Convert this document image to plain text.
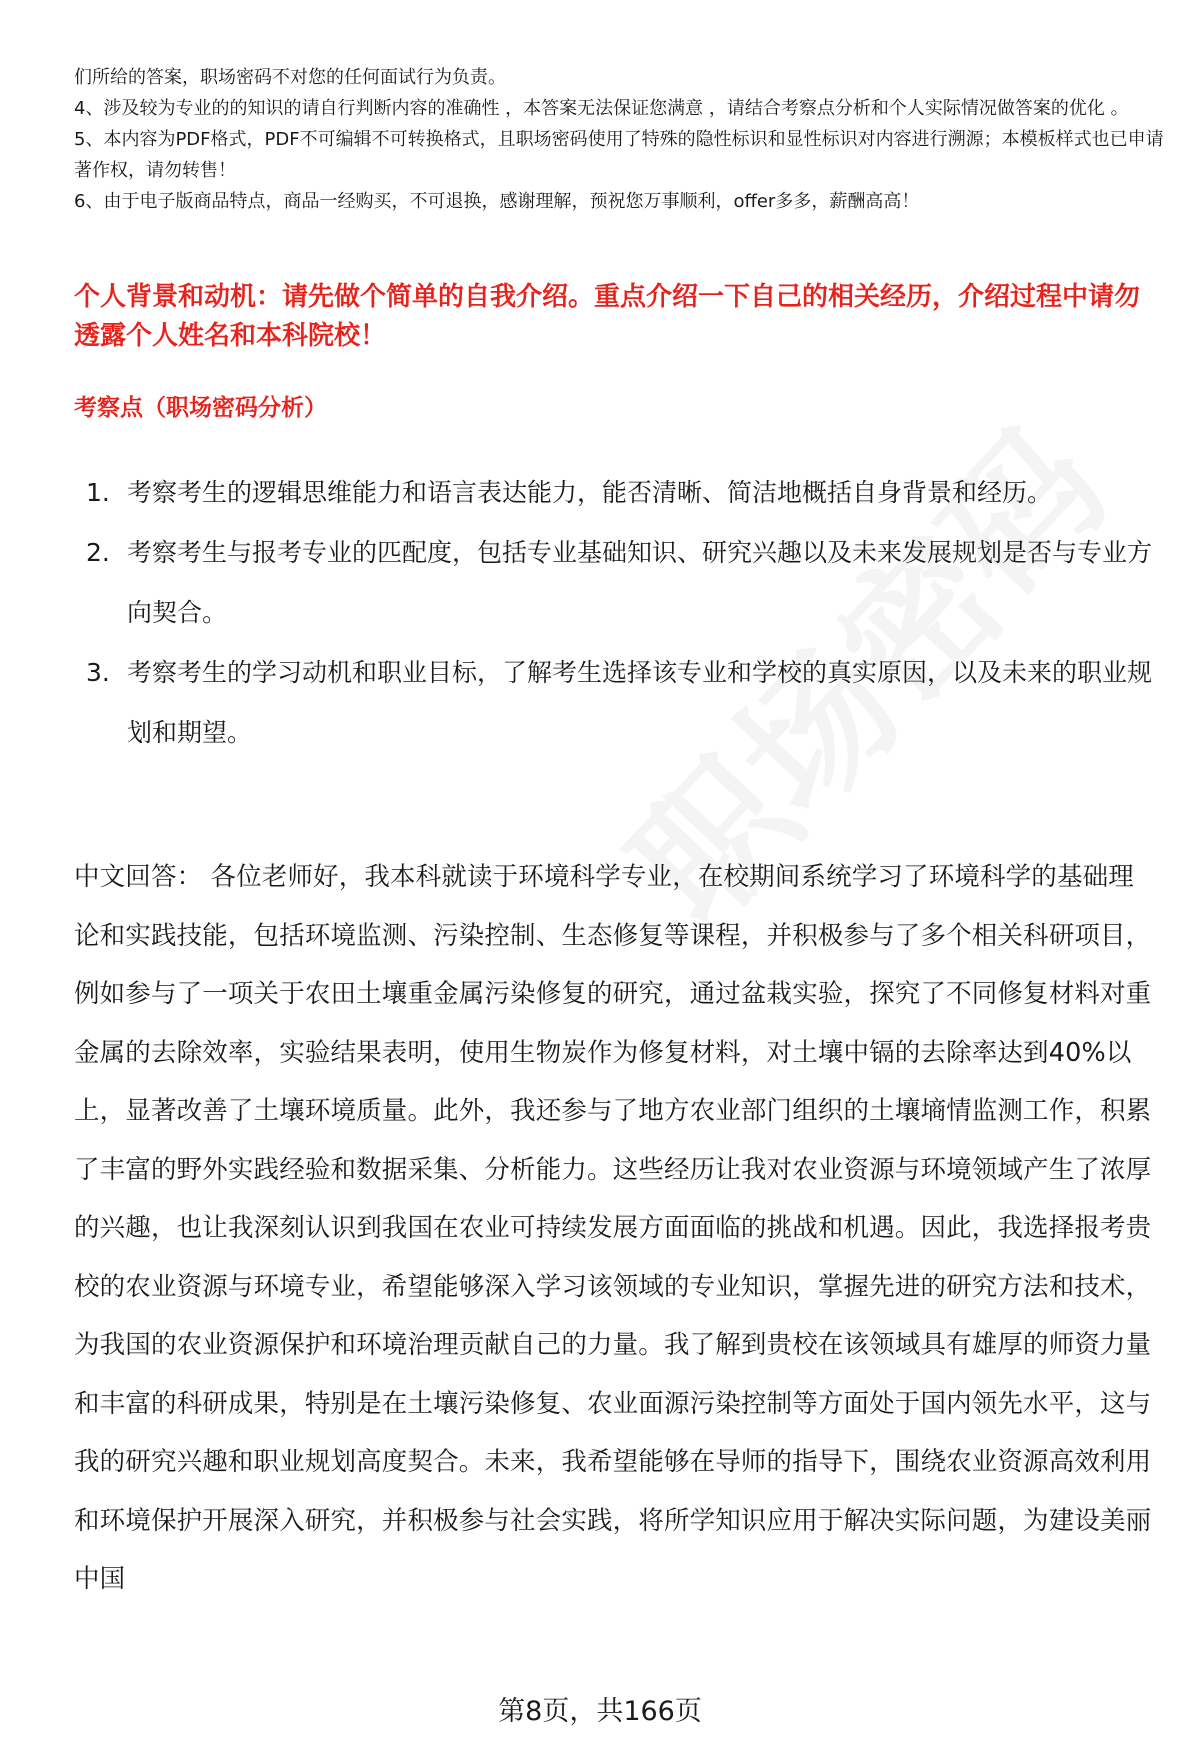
们所给的答案，职场密码不对您的任何面试行为负责。

4、涉及较为专业的的知识的请自行判断内容的准确性 ，本答案无法保证您满意 ，请结合考察点分析和个人实际情况做答案的优化 。

5、本内容为PDF格式，PDF不可编辑不可转换格式，且职场密码使用了特殊的隐性标识和显性标识对内容进行溯源；本模板样式也已申请著作权，请勿转售！

6、由于电子版商品特点，商品一经购买，不可退换，感谢理解，预祝您万事顺利，offer多多，薪酬高高！

个人背景和动机：请先做个简单的自我介绍。重点介绍一下自己的相关经历，介绍过程中请勿透露个人姓名和本科院校！
考察点（职场密码分析）
1. 考察考生的逻辑思维能力和语言表达能力，能否清晰、简洁地概括自身背景和经历。
2. 考察考生与报考专业的匹配度，包括专业基础知识、研究兴趣以及未来发展规划是否与专业方向契合。
3. 考察考生的学习动机和职业目标，了解考生选择该专业和学校的真实原因，以及未来的职业规划和期望。

中文回答： 各位老师好，我本科就读于环境科学专业，在校期间系统学习了环境科学的基础理论和实践技能，包括环境监测、污染控制、生态修复等课程，并积极参与了多个相关科研项目，例如参与了一项关于农田土壤重金属污染修复的研究，通过盆栽实验，探究了不同修复材料对重金属的去除效率，实验结果表明，使用生物炭作为修复材料，对土壤中镉的去除率达到40%以上，显著改善了土壤环境质量。此外，我还参与了地方农业部门组织的土壤墒情监测工作，积累了丰富的野外实践经验和数据采集、分析能力。这些经历让我对农业资源与环境领域产生了浓厚的兴趣，也让我深刻认识到我国在农业可持续发展方面面临的挑战和机遇。因此，我选择报考贵校的农业资源与环境专业，希望能够深入学习该领域的专业知识，掌握先进的研究方法和技术，为我国的农业资源保护和环境治理贡献自己的力量。我了解到贵校在该领域具有雄厚的师资力量和丰富的科研成果，特别是在土壤污染修复、农业面源污染控制等方面处于国内领先水平，这与我的研究兴趣和职业规划高度契合。未来，我希望能够在导师的指导下，围绕农业资源高效利用和环境保护开展深入研究，并积极参与社会实践，将所学知识应用于解决实际问题，为建设美丽中国

第8页，共166页
